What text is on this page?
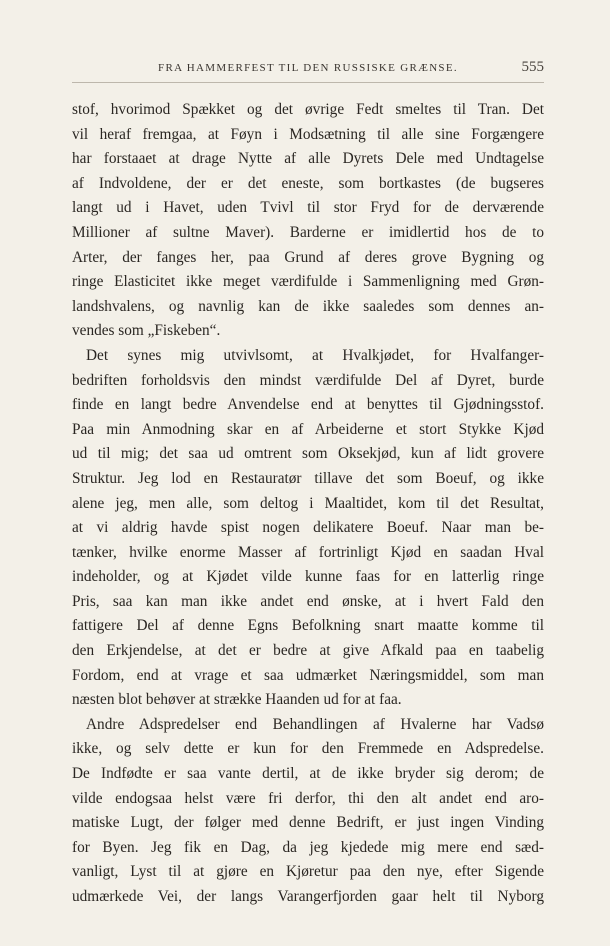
FRA HAMMERFEST TIL DEN RUSSISKE GRÆNSE.	555
stof, hvorimod Spækket og det øvrige Fedt smeltes til Tran. Det
vil heraf fremgaa, at Føyn i Modsætning til alle sine Forgængere
har forstaaet at drage Nytte af alle Dyrets Dele med Undtagelse
af Indvoldene, der er det eneste, som bortkastes (de bugseres
langt ud i Havet, uden Tvivl til stor Fryd for de derværende
Millioner af sultne Maver). Barderne er imidlertid hos de to
Arter, der fanges her, paa Grund af deres grove Bygning og
ringe Elasticitet ikke meget værdifulde i Sammenligning med Grøn-
landshvalens, og navnlig kan de ikke saaledes som dennes an-
vendes som „Fiskeben“.
Det synes mig utvivlsomt, at Hvalkjødet, for Hvalfanger-
bedriften forholdsvis den mindst værdifulde Del af Dyret, burde
finde en langt bedre Anvendelse end at benyttes til Gjødningsstof.
Paa min Anmodning skar en af Arbeiderne et stort Stykke Kjød
ud til mig; det saa ud omtrent som Oksekjød, kun af lidt grovere
Struktur. Jeg lod en Restauratør tillave det som Boeuf, og ikke
alene jeg, men alle, som deltog i Maaltidet, kom til det Resultat,
at vi aldrig havde spist nogen delikatere Boeuf. Naar man be-
tænker, hvilke enorme Masser af fortrinligt Kjød en saadan Hval
indeholder, og at Kjødet vilde kunne faas for en latterlig ringe
Pris, saa kan man ikke andet end ønske, at i hvert Fald den
fattigere Del af denne Egns Befolkning snart maatte komme til
den Erkjendelse, at det er bedre at give Afkald paa en taabelig
Fordom, end at vrage et saa udmærket Næringsmiddel, som man
næsten blot behøver at strække Haanden ud for at faa.
Andre Adspredelser end Behandlingen af Hvalerne har Vadsø
ikke, og selv dette er kun for den Fremmede en Adspredelse.
De Indfødte er saa vante dertil, at de ikke bryder sig derom; de
vilde endogsaa helst være fri derfor, thi den alt andet end aro-
matiske Lugt, der følger med denne Bedrift, er just ingen Vinding
for Byen. Jeg fik en Dag, da jeg kjedede mig mere end sæd-
vanligt, Lyst til at gjøre en Kjøretur paa den nye, efter Sigende
udmærkede Vei, der langs Varangerfjorden gaar helt til Nyborg
